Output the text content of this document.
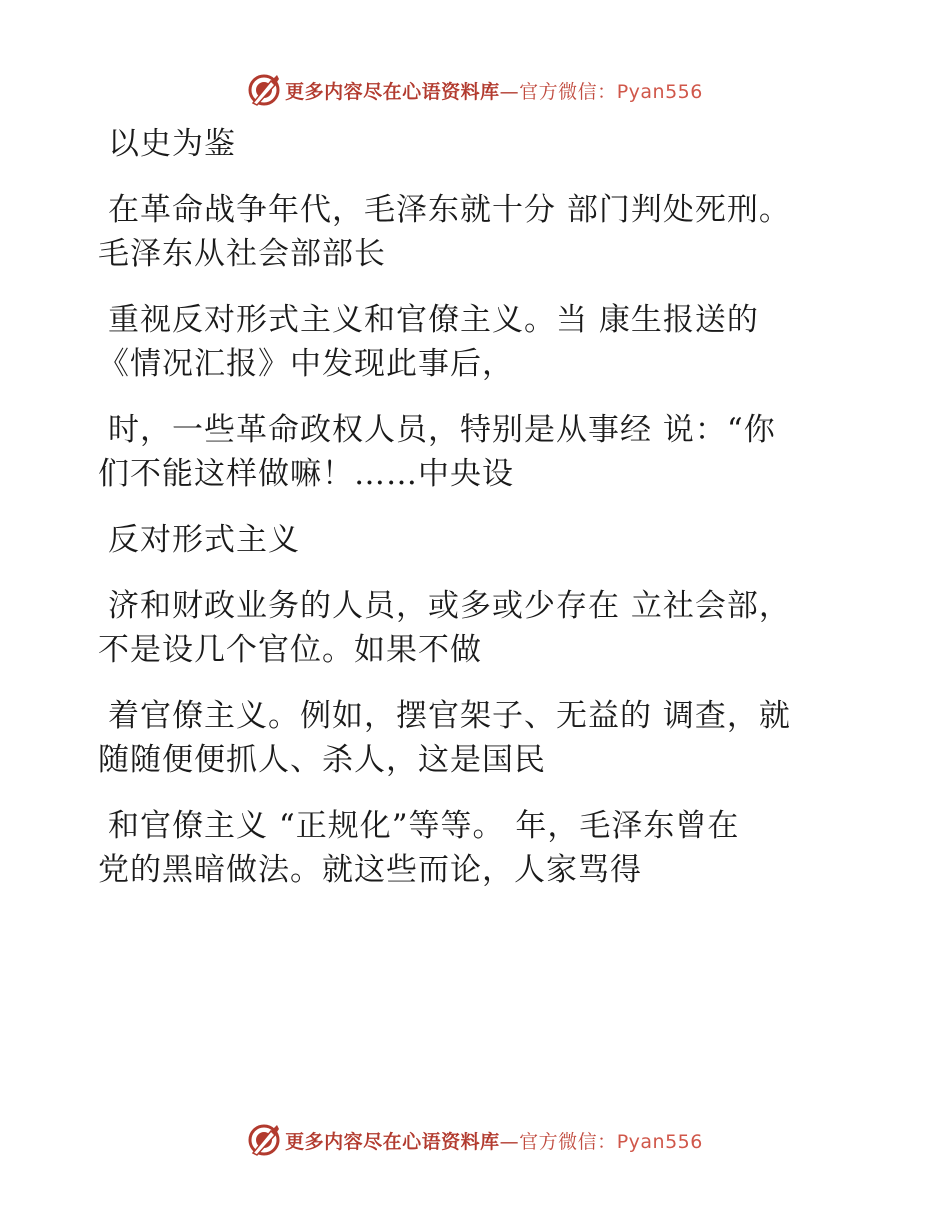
更多内容尽在心语资料库—官方微信：Pyan556
以史为鉴
在革命战争年代，毛泽东就十分 部门判处死刑。
毛泽东从社会部部长
重视反对形式主义和官僚主义。当 康生报送的
《情况汇报》中发现此事后，
时，一些革命政权人员，特别是从事经 说：“你
们不能这样做嘛！……中央设
反对形式主义
济和财政业务的人员，或多或少存在 立社会部，
不是设几个官位。如果不做
着官僚主义。例如，摆官架子、无益的 调查，就
随随便便抓人、杀人，这是国民
和官僚主义 “正规化”等等。 年，毛泽东曾在
党的黑暗做法。就这些而论，人家骂得
更多内容尽在心语资料库—官方微信：Pyan556
